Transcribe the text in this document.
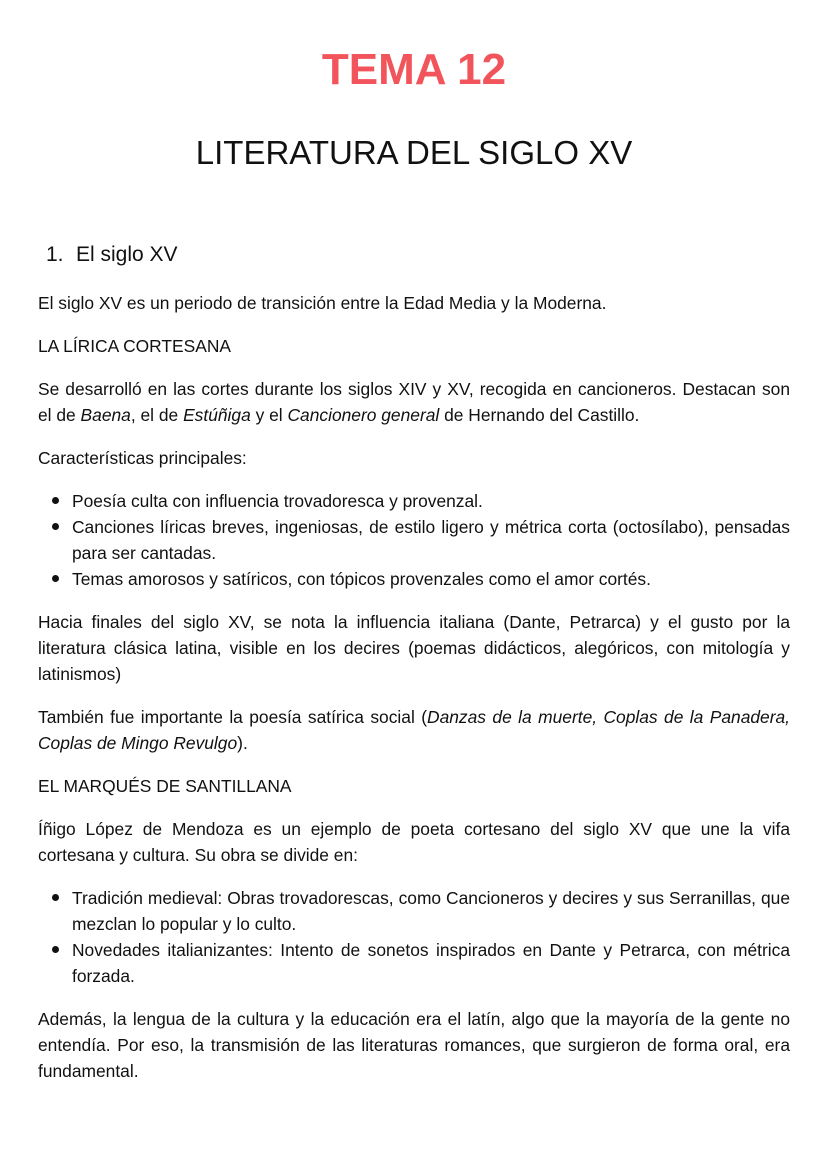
TEMA 12
LITERATURA DEL SIGLO XV
1. El siglo XV

El siglo XV es un periodo de transición entre la Edad Media y la Moderna.

LA LÍRICA CORTESANA

Se desarrolló en las cortes durante los siglos XIV y XV, recogida en cancioneros. Destacan son el de Baena, el de Estúñiga y el Cancionero general de Hernando del Castillo.

Características principales:
Poesía culta con influencia trovadoresca y provenzal.
Canciones líricas breves, ingeniosas, de estilo ligero y métrica corta (octosílabo), pensadas para ser cantadas.
Temas amorosos y satíricos, con tópicos provenzales como el amor cortés.

Hacia finales del siglo XV, se nota la influencia italiana (Dante, Petrarca) y el gusto por la literatura clásica latina, visible en los decires (poemas didácticos, alegóricos, con mitología y latinismos)

También fue importante la poesía satírica social (Danzas de la muerte, Coplas de la Panadera, Coplas de Mingo Revulgo).

EL MARQUÉS DE SANTILLANA

Íñigo López de Mendoza es un ejemplo de poeta cortesano del siglo XV que une la vifa cortesana y cultura. Su obra se divide en:

Tradición medieval: Obras trovadorescas, como Cancioneros y decires y sus Serranillas, que mezclan lo popular y lo culto.
Novedades italianizantes: Intento de sonetos inspirados en Dante y Petrarca, con métrica forzada.

Además, la lengua de la cultura y la educación era el latín, algo que la mayoría de la gente no entendía. Por eso, la transmisión de las literaturas romances, que surgieron de forma oral, era fundamental.
